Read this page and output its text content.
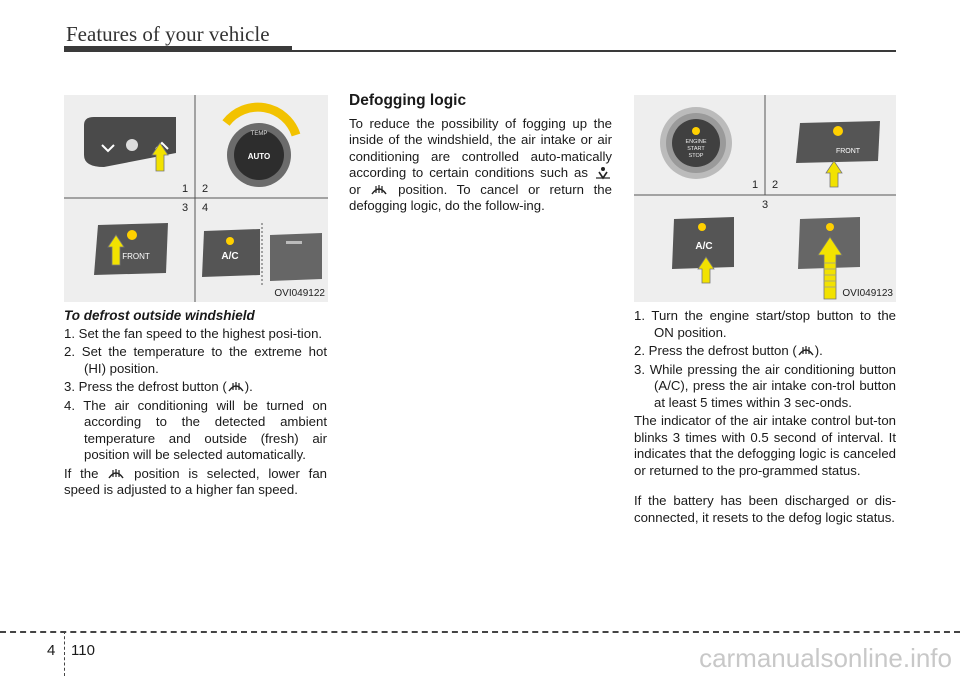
Features of your vehicle
TEMP
AUTO
FRONT	A/C
1 2
3 4
OVI049122

To defrost outside windshield

1. Set the fan speed to the highest posi-tion.

2. Set the temperature to the extreme hot (HI) position.

3. Press the defrost button ( ).

4. The air conditioning will be turned on according to the detected ambient temperature and outside (fresh) air position will be selected automatically.

If the	position is selected, lower fan speed is adjusted to a higher fan speed.

Defogging logic

To reduce the possibility of fogging up the inside of the windshield, the air intake or air conditioning are controlled auto-matically according to certain conditions such as  or	position. To cancel or return the defogging logic, do the follow-ing.

ENGINE
START
STOP
FRONT
A/C
1 2
3
OVI049123

1. Turn the engine start/stop button to the ON position.

2. Press the defrost button ( ).

3. While pressing the air conditioning button (A/C), press the air intake con-trol button at least 5 times within 3 sec-onds.

The indicator of the air intake control but-ton blinks 3 times with 0.5 second of interval. It indicates that the defogging logic is canceled or returned to the pro-grammed status.

If the battery has been discharged or dis-connected, it resets to the defog logic status.

4 110	carmanualsonline.info
